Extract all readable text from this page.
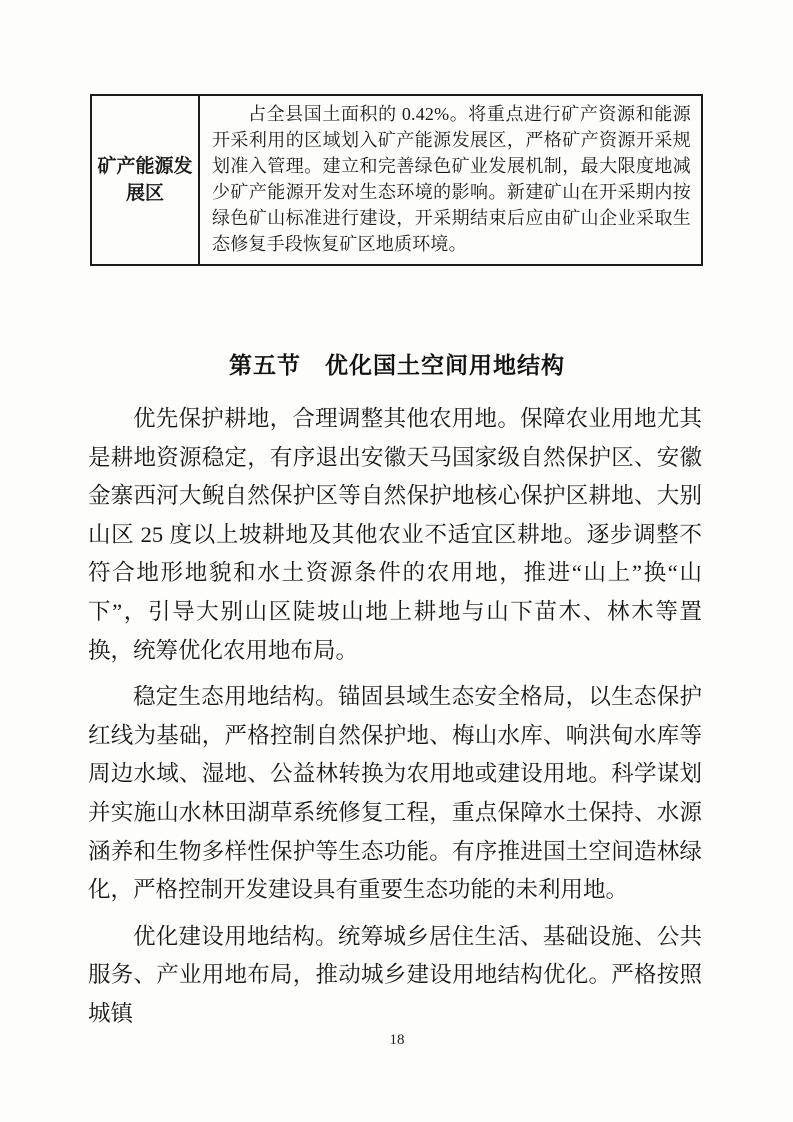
矿产能源发展区
占全县国土面积的 0.42%。将重点进行矿产资源和能源开采利用的区域划入矿产能源发展区，严格矿产资源开采规划准入管理。建立和完善绿色矿业发展机制，最大限度地减少矿产能源开发对生态环境的影响。新建矿山在开采期内按绿色矿山标准进行建设，开采期结束后应由矿山企业采取生态修复手段恢复矿区地质环境。
第五节　优化国土空间用地结构

优先保护耕地，合理调整其他农用地。保障农业用地尤其是耕地资源稳定，有序退出安徽天马国家级自然保护区、安徽金寨西河大鲵自然保护区等自然保护地核心保护区耕地、大别山区 25 度以上坡耕地及其他农业不适宜区耕地。逐步调整不符合地形地貌和水土资源条件的农用地，推进“山上”换“山下”，引导大别山区陡坡山地上耕地与山下苗木、林木等置换，统筹优化农用地布局。

稳定生态用地结构。锚固县域生态安全格局，以生态保护红线为基础，严格控制自然保护地、梅山水库、响洪甸水库等周边水域、湿地、公益林转换为农用地或建设用地。科学谋划并实施山水林田湖草系统修复工程，重点保障水土保持、水源涵养和生物多样性保护等生态功能。有序推进国土空间造林绿化，严格控制开发建设具有重要生态功能的未利用地。

优化建设用地结构。统筹城乡居住生活、基础设施、公共服务、产业用地布局，推动城乡建设用地结构优化。严格按照城镇

18
